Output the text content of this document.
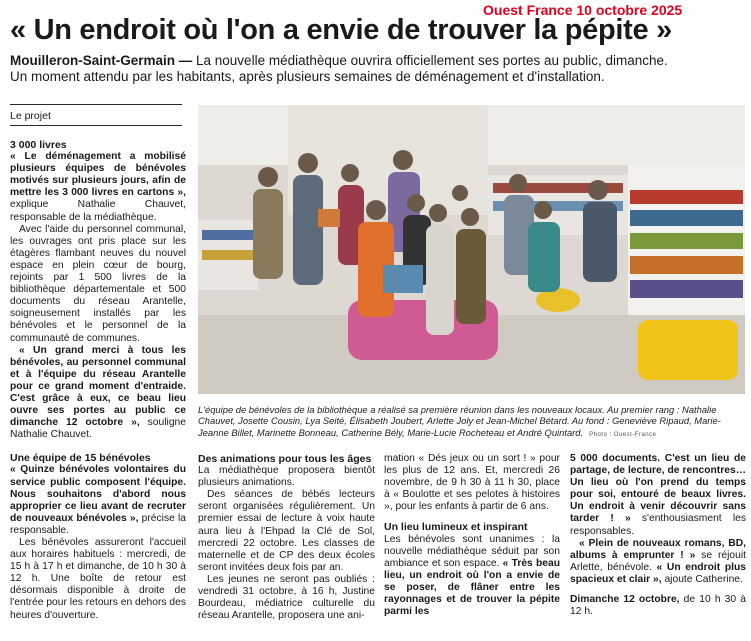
Ouest France 10 octobre 2025
« Un endroit où l'on a envie de trouver la pépite »
Mouilleron-Saint-Germain — La nouvelle médiathèque ouvrira officiellement ses portes au public, dimanche.
Un moment attendu par les habitants, après plusieurs semaines de déménagement et d'installation.
Le projet

3 000 livres

« Le déménagement a mobilisé plusieurs équipes de bénévoles motivés sur plusieurs jours, afin de mettre les 3 000 livres en cartons », explique Nathalie Chauvet, responsable de la médiathèque.

Avec l'aide du personnel communal, les ouvrages ont pris place sur les étagères flambant neuves du nouvel espace en plein cœur de bourg, rejoints par 1 500 livres de la bibliothèque départementale et 500 documents du réseau Arantelle, soigneusement installés par les bénévoles et le personnel de la communauté de communes.

« Un grand merci à tous les bénévoles, au personnel communal et à l'équipe du réseau Arantelle pour ce grand moment d'entraide. C'est grâce à eux, ce beau lieu ouvre ses portes au public ce dimanche 12 octobre », souligne Nathalie Chauvet.

Une équipe de 15 bénévoles

« Quinze bénévoles volontaires du service public composent l'équipe. Nous souhaitons d'abord nous approprier ce lieu avant de recruter de nouveaux bénévoles », précise la responsable.

Les bénévoles assureront l'accueil aux horaires habituels : mercredi, de 15 h à 17 h et dimanche, de 10 h 30 à 12 h. Une boîte de retour est désormais disponible à droite de l'entrée pour les retours en dehors des heures d'ouverture.

L'équipe de bénévoles de la bibliothèque a réalisé sa première réunion dans les nouveaux locaux. Au premier rang : Nathalie Chauvet, Josette Cousin, Lya Seité, Élisabeth Joubert, Arlette Joly et Jean-Michel Bétard. Au fond : Geneviève Ripaud, Marie-Jeanne Billet, Marinette Bonneau, Catherine Bély, Marie-Lucie Rocheteau et André Quintard. Photo : Ouest-France

Des animations pour tous les âges

La médiathèque proposera bientôt plusieurs animations.

Des séances de bébés lecteurs seront organisées régulièrement. Un premier essai de lecture à voix haute aura lieu à l'Ehpad la Clé de Sol, mercredi 22 octobre. Les classes de maternelle et de CP des deux écoles seront invitées deux fois par an.

Les jeunes ne seront pas oubliés : vendredi 31 octobre, à 16 h, Justine Bourdeau, médiatrice culturelle du réseau Arantelle, proposera une ani-

mation « Dés jeux ou un sort ! » pour les plus de 12 ans. Et, mercredi 26 novembre, de 9 h 30 à 11 h 30, place à « Boulotte et ses pelotes à histoires », pour les enfants à partir de 6 ans.

Un lieu lumineux et inspirant

Les bénévoles sont unanimes : la nouvelle médiathèque séduit par son ambiance et son espace. « Très beau lieu, un endroit où l'on a envie de se poser, de flâner entre les rayonnages et de trouver la pépite parmi les

5 000 documents. C'est un lieu de partage, de lecture, de rencontres… Un lieu où l'on prend du temps pour soi, entouré de beaux livres. Un endroit à venir découvrir sans tarder ! » s'enthousiasment les responsables.

« Plein de nouveaux romans, BD, albums à emprunter ! » se réjouit Arlette, bénévole. « Un endroit plus spacieux et clair », ajoute Catherine.

Dimanche 12 octobre, de 10 h 30 à 12 h.
